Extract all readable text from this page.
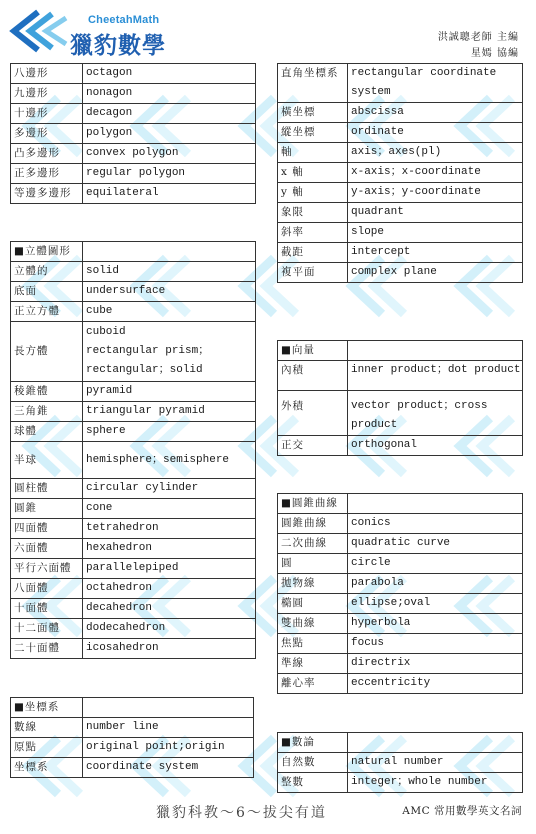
CheetahMath
獵豹數學	洪誠聰老師 主編
星嫣 協編
八邊形	octagon
九邊形	nonagon
十邊形	decagon
多邊形	polygon
凸多邊形	convex polygon
正多邊形	regular polygon
等邊多邊形	equilateral
■立體圖形	
立體的	solid
底面	undersurface
正立方體	cube
長方體	cuboid
rectangular prism；
rectangular；solid
稜錐體	pyramid
三角錐	triangular pyramid
球體	sphere
半球	hemisphere；semisphere
圓柱體	circular cylinder
圓錐	cone
四面體	tetrahedron
六面體	hexahedron
平行六面體	parallelepiped
八面體	octahedron
十面體	decahedron
十二面體	dodecahedron
二十面體	icosahedron
■坐標系	
數線	number line
原點	original point;origin
坐標系	coordinate system
直角坐標系	rectangular coordinate
system
橫坐標	abscissa
縱坐標	ordinate
軸	axis；axes(pl)
x 軸	x-axis；x-coordinate
y 軸	y-axis；y-coordinate
象限	quadrant
斜率	slope
截距	intercept
複平面	complex plane
■向量	
內積	inner product；dot product
外積	vector product；cross
product
正交	orthogonal
■圓錐曲線	
圓錐曲線	conics
二次曲線	quadratic curve
圓	circle
拋物線	parabola
橢圓	ellipse;oval
雙曲線	hyperbola
焦點	focus
準線	directrix
離心率	eccentricity
■數論	
自然數	natural number
整數	integer；whole number
獵豹科教～6～拔尖有道	AMC 常用數學英文名詞
